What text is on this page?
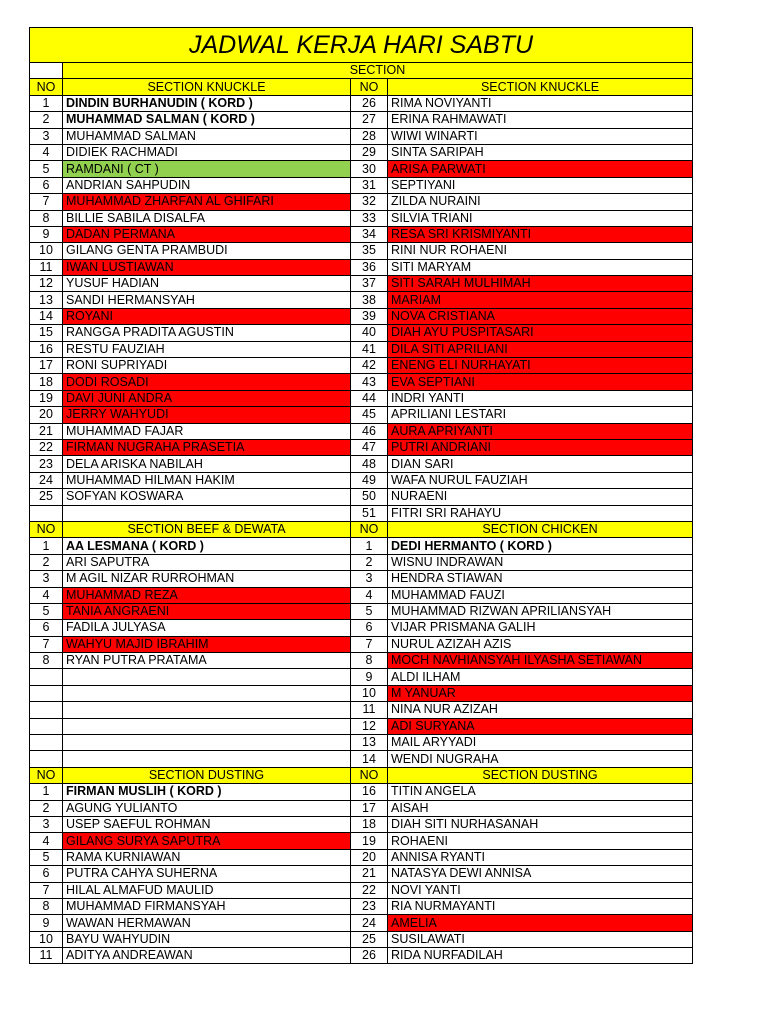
JADWAL KERJA HARI SABTU			
	SECTION		
NO	SECTION KNUCKLE	NO	SECTION KNUCKLE
1	DINDIN BURHANUDIN ( KORD )	26	RIMA NOVIYANTI
2	MUHAMMAD SALMAN ( KORD )	27	ERINA RAHMAWATI
3	MUHAMMAD SALMAN	28	WIWI WINARTI
4	DIDIEK RACHMADI	29	SINTA SARIPAH
5	RAMDANI ( CT )	30	ARISA PARWATI
6	ANDRIAN SAHPUDIN	31	SEPTIYANI
7	MUHAMMAD ZHARFAN AL GHIFARI	32	ZILDA NURAINI
8	BILLIE SABILA DISALFA	33	SILVIA TRIANI
9	DADAN PERMANA	34	RESA SRI KRISMIYANTI
10	GILANG GENTA PRAMBUDI	35	RINI NUR ROHAENI
11	IWAN LUSTIAWAN	36	SITI MARYAM
12	YUSUF HADIAN	37	SITI SARAH MULHIMAH
13	SANDI HERMANSYAH	38	MARIAM
14	ROYANI	39	NOVA CRISTIANA
15	RANGGA PRADITA AGUSTIN	40	DIAH AYU PUSPITASARI
16	RESTU FAUZIAH	41	DILA SITI APRILIANI
17	RONI SUPRIYADI	42	ENENG ELI NURHAYATI
18	DODI ROSADI	43	EVA SEPTIANI
19	DAVI JUNI ANDRA	44	INDRI YANTI
20	JERRY WAHYUDI	45	APRILIANI LESTARI
21	MUHAMMAD FAJAR	46	AURA APRIYANTI
22	FIRMAN NUGRAHA PRASETIA	47	PUTRI ANDRIANI
23	DELA ARISKA NABILAH	48	DIAN SARI
24	MUHAMMAD HILMAN HAKIM	49	WAFA NURUL FAUZIAH
25	SOFYAN KOSWARA	50	NURAENI
		51	FITRI SRI RAHAYU
NO	SECTION BEEF & DEWATA	NO	SECTION CHICKEN
1	AA LESMANA ( KORD )	1	DEDI HERMANTO ( KORD )
2	ARI SAPUTRA	2	WISNU INDRAWAN
3	M AGIL NIZAR RURROHMAN	3	HENDRA STIAWAN
4	MUHAMMAD REZA	4	MUHAMMAD FAUZI
5	TANIA ANGRAENI	5	MUHAMMAD RIZWAN APRILIANSYAH
6	FADILA JULYASA	6	VIJAR PRISMANA GALIH
7	WAHYU MAJID IBRAHIM	7	NURUL AZIZAH AZIS
8	RYAN PUTRA PRATAMA	8	MOCH NAVHIANSYAH ILYASHA SETIAWAN
		9	ALDI ILHAM
		10	M YANUAR
		11	NINA NUR AZIZAH
		12	ADI SURYANA
		13	MAIL ARYYADI
		14	WENDI NUGRAHA
NO	SECTION DUSTING	NO	SECTION DUSTING
1	FIRMAN MUSLIH ( KORD )	16	TITIN ANGELA
2	AGUNG YULIANTO	17	AISAH
3	USEP SAEFUL ROHMAN	18	DIAH SITI NURHASANAH
4	GILANG SURYA SAPUTRA	19	ROHAENI
5	RAMA KURNIAWAN	20	ANNISA RYANTI
6	PUTRA CAHYA SUHERNA	21	NATASYA DEWI ANNISA
7	HILAL ALMAFUD MAULID	22	NOVI YANTI
8	MUHAMMAD FIRMANSYAH	23	RIA NURMAYANTI
9	WAWAN HERMAWAN	24	AMELIA
10	BAYU WAHYUDIN	25	SUSILAWATI
11	ADITYA ANDREAWAN	26	RIDA NURFADILAH
